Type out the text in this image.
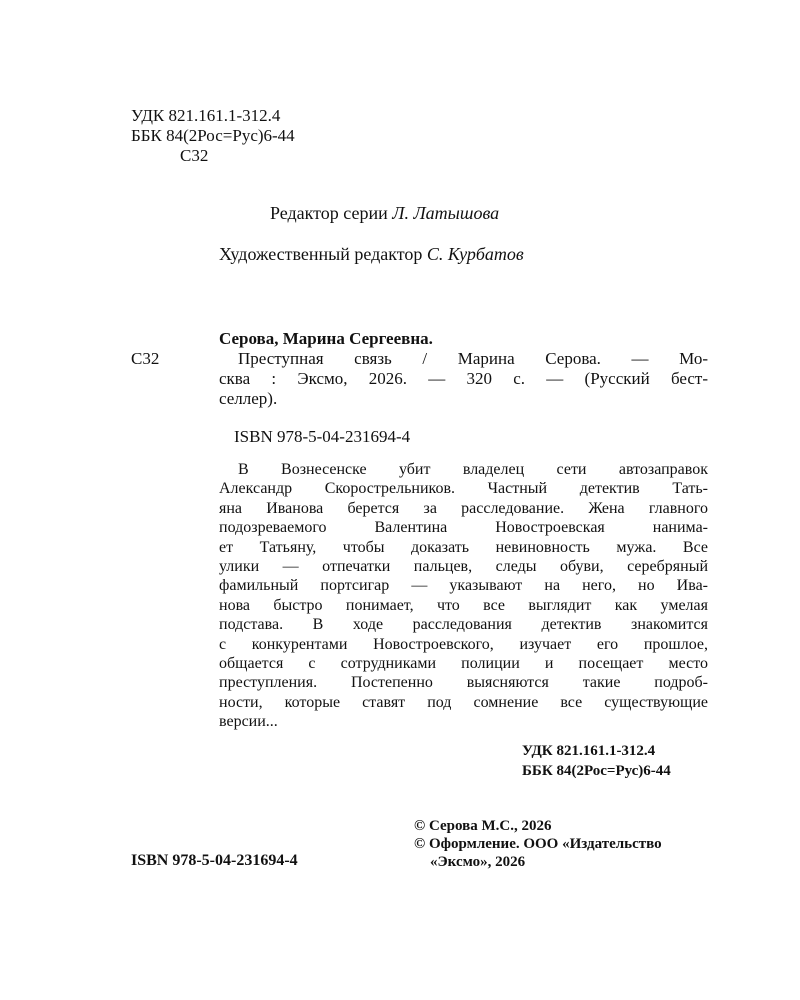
УДК 821.161.1-312.4
ББК 84(2Рос=Рус)6-44
С32
Редактор серии Л. Латышова
Художественный редактор С. Курбатов
Серова, Марина Сергеевна.
С32	Преступная связь / Марина Серова. — Мо-
сква : Эксмо, 2026. — 320 с. — (Русский бест-
селлер).
ISBN 978-5-04-231694-4
В Вознесенске убит владелец сети автозаправок
Александр Скорострельников. Частный детектив Тать-
яна Иванова берется за расследование. Жена главного
подозреваемого Валентина Новостроевская нанима-
ет Татьяну, чтобы доказать невиновность мужа. Все
улики — отпечатки пальцев, следы обуви, серебряный
фамильный портсигар — указывают на него, но Ива-
нова быстро понимает, что все выглядит как умелая
подстава. В ходе расследования детектив знакомится
с конкурентами Новостроевского, изучает его прошлое,
общается с сотрудниками полиции и посещает место
преступления. Постепенно выясняются такие подроб-
ности, которые ставят под сомнение все существующие
версии...
УДК 821.161.1-312.4
ББК 84(2Рос=Рус)6-44
© Серова М.С., 2026
© Оформление. ООО «Издательство
«Эксмо», 2026
ISBN 978-5-04-231694-4
